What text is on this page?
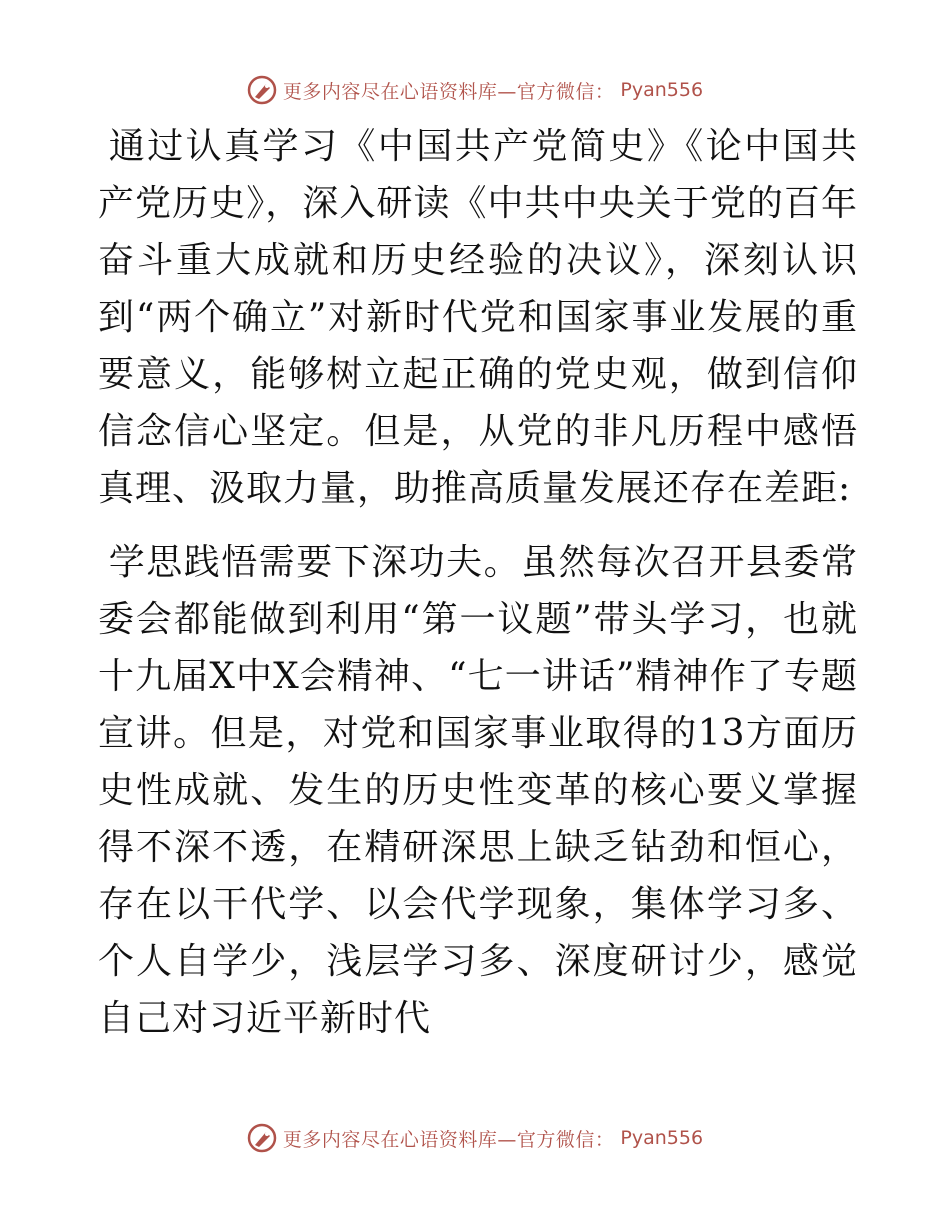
更多内容尽在心语资料库—官方微信： Pyan556

通过认真学习《中国共产党简史》《论中国共产党历史》，深入研读《中共中央关于党的百年奋斗重大成就和历史经验的决议》，深刻认识到“两个确立”对新时代党和国家事业发展的重要意义，能够树立起正确的党史观，做到信仰信念信心坚定。但是，从党的非凡历程中感悟真理、汲取力量，助推高质量发展还存在差距:

学思践悟需要下深功夫。虽然每次召开县委常委会都能做到利用“第一议题”带头学习，也就十九届X中X会精神、“七一讲话”精神作了专题宣讲。但是，对党和国家事业取得的13方面历史性成就、发生的历史性变革的核心要义掌握得不深不透，在精研深思上缺乏钻劲和恒心，存在以干代学、以会代学现象，集体学习多、个人自学少，浅层学习多、深度研讨少，感觉自己对习近平新时代

更多内容尽在心语资料库—官方微信： Pyan556
